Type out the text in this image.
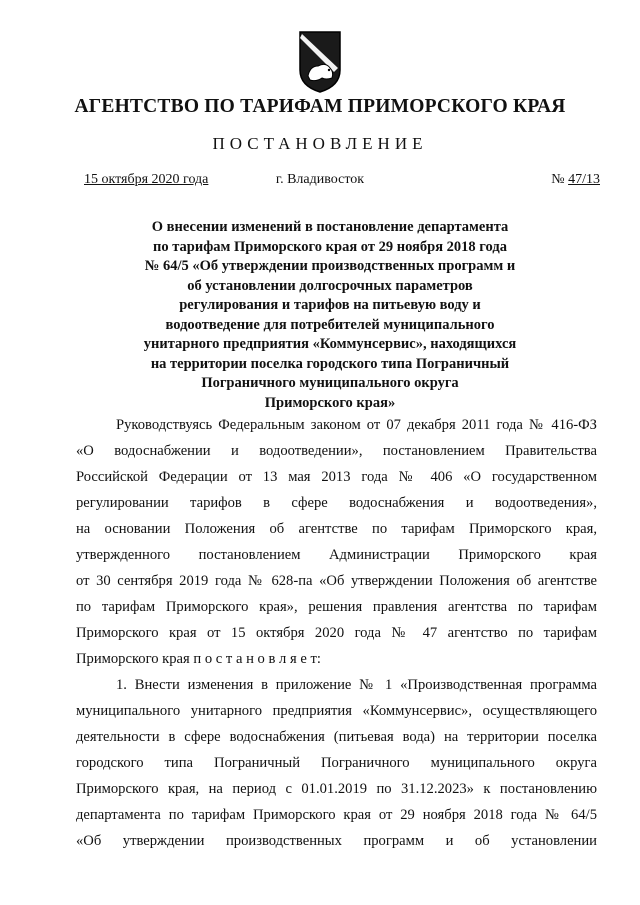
АГЕНТСТВО ПО ТАРИФАМ ПРИМОРСКОГО КРАЯ
ПОСТАНОВЛЕНИЕ
15 октября 2020 года	г. Владивосток	№ 47/13
О внесении изменений в постановление департамента
по тарифам Приморского края от 29 ноября 2018 года
№ 64/5 «Об утверждении производственных программ и
об установлении долгосрочных параметров
регулирования и тарифов на питьевую воду и
водоотведение для потребителей муниципального
унитарного предприятия «Коммунсервис», находящихся
на территории поселка городского типа Пограничный
Пограничного муниципального округа
Приморского края»

Руководствуясь Федеральным законом от 07 декабря 2011 года № 416-ФЗ
«О водоснабжении и водоотведении», постановлением Правительства
Российской Федерации от 13 мая 2013 года № 406 «О государственном
регулировании тарифов в сфере водоснабжения и водоотведения»,
на основании Положения об агентстве по тарифам Приморского края,
утвержденного постановлением Администрации Приморского края
от 30 сентября 2019 года № 628-па «Об утверждении Положения об агентстве
по тарифам Приморского края», решения правления агентства по тарифам
Приморского края от 15 октября 2020 года № 47 агентство по тарифам
Приморского края п о с т а н о в л я е т:

1. Внести изменения в приложение № 1 «Производственная программа
муниципального унитарного предприятия «Коммунсервис», осуществляющего
деятельности в сфере водоснабжения (питьевая вода) на территории поселка
городского типа Пограничный Пограничного муниципального округа
Приморского края, на период с 01.01.2019 по 31.12.2023» к постановлению
департамента по тарифам Приморского края от 29 ноября 2018 года № 64/5
«Об утверждении производственных программ и об установлении
